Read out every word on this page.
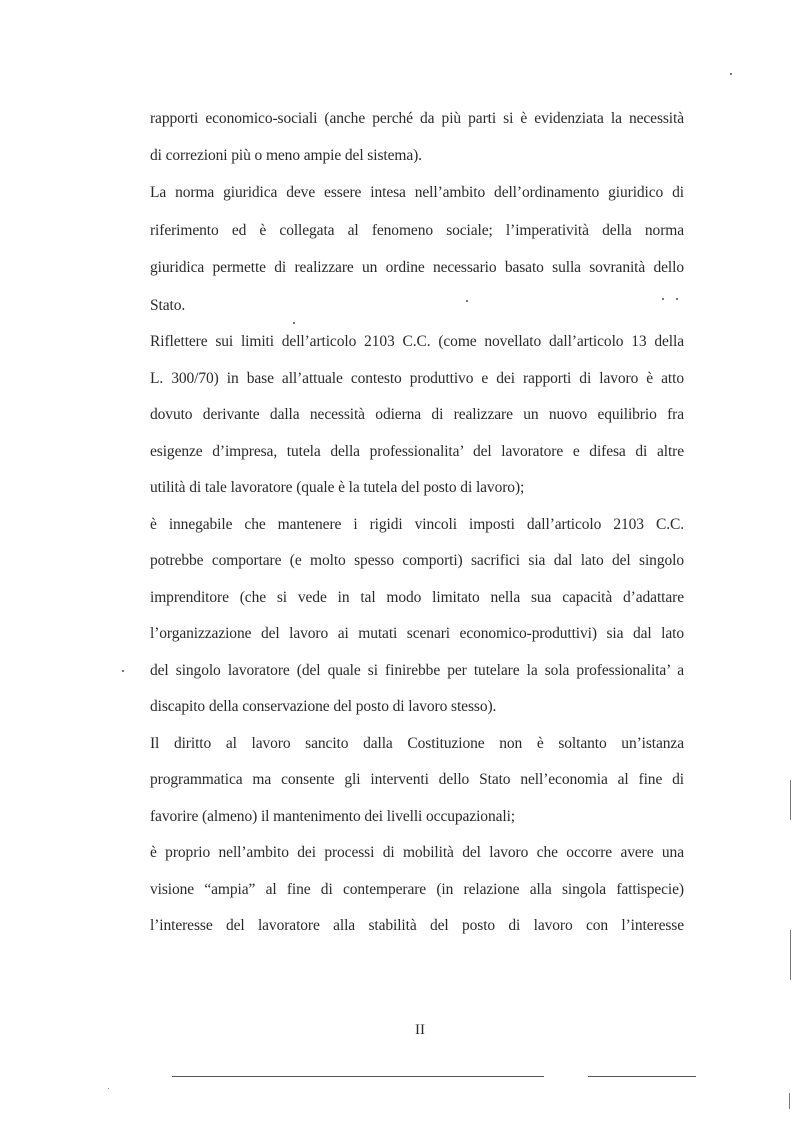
rapporti economico-sociali (anche perché da più parti si è evidenziata la necessità
di correzioni più o meno ampie del sistema).
La norma giuridica deve essere intesa nell’ambito dell’ordinamento giuridico di
riferimento ed è collegata al fenomeno sociale; l’imperatività della norma
giuridica permette di realizzare un ordine necessario basato sulla sovranità dello
Stato.
Riflettere sui limiti dell’articolo 2103 C.C. (come novellato dall’articolo 13 della
L. 300/70) in base all’attuale contesto produttivo e dei rapporti di lavoro è atto
dovuto derivante dalla necessità odierna di realizzare un nuovo equilibrio fra
esigenze d’impresa, tutela della professionalita’ del lavoratore e difesa di altre
utilità di tale lavoratore (quale è la tutela del posto di lavoro);
è innegabile che mantenere i rigidi vincoli imposti dall’articolo 2103 C.C.
potrebbe comportare (e molto spesso comporti) sacrifici sia dal lato del singolo
imprenditore (che si vede in tal modo limitato nella sua capacità d’adattare
l’organizzazione del lavoro ai mutati scenari economico-produttivi) sia dal lato
del singolo lavoratore (del quale si finirebbe per tutelare la sola professionalita’ a
discapito della conservazione del posto di lavoro stesso).
Il diritto al lavoro sancito dalla Costituzione non è soltanto un’istanza
programmatica ma consente gli interventi dello Stato nell’economia al fine di
favorire (almeno) il mantenimento dei livelli occupazionali;
è proprio nell’ambito dei processi di mobilità del lavoro che occorre avere una
visione “ampia” al fine di contemperare (in relazione alla singola fattispecie)
l’interesse del lavoratore alla stabilità del posto di lavoro con l’interesse
II
